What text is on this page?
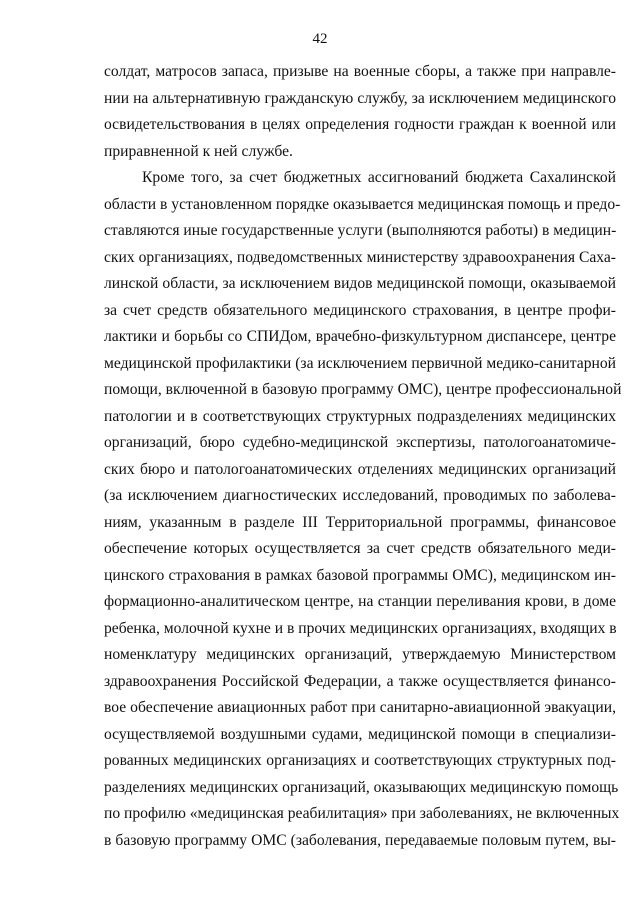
42
солдат, матросов запаса, призыве на военные сборы, а также при направле-
нии на альтернативную гражданскую службу, за исключением медицинского
освидетельствования в целях определения годности граждан к военной или
приравненной к ней службе.
Кроме того, за счет бюджетных ассигнований бюджета Сахалинской
области в установленном порядке оказывается медицинская помощь и предо-
ставляются иные государственные услуги (выполняются работы) в медицин-
ских организациях, подведомственных министерству здравоохранения Саха-
линской области, за исключением видов медицинской помощи, оказываемой
за счет средств обязательного медицинского страхования, в центре профи-
лактики и борьбы со СПИДом, врачебно-физкультурном диспансере, центре
медицинской профилактики (за исключением первичной медико-санитарной
помощи, включенной в базовую программу ОМС), центре профессиональной
патологии и в соответствующих структурных подразделениях медицинских
организаций, бюро судебно-медицинской экспертизы, патологоанатомиче-
ских бюро и патологоанатомических отделениях медицинских организаций
(за исключением диагностических исследований, проводимых по заболева-
ниям, указанным в разделе III Территориальной программы, финансовое
обеспечение которых осуществляется за счет средств обязательного меди-
цинского страхования в рамках базовой программы ОМС), медицинском ин-
формационно-аналитическом центре, на станции переливания крови, в доме
ребенка, молочной кухне и в прочих медицинских организациях, входящих в
номенклатуру медицинских организаций, утверждаемую Министерством
здравоохранения Российской Федерации, а также осуществляется финансо-
вое обеспечение авиационных работ при санитарно-авиационной эвакуации,
осуществляемой воздушными судами, медицинской помощи в специализи-
рованных медицинских организациях и соответствующих структурных под-
разделениях медицинских организаций, оказывающих медицинскую помощь
по профилю «медицинская реабилитация» при заболеваниях, не включенных
в базовую программу ОМС (заболевания, передаваемые половым путем, вы-
